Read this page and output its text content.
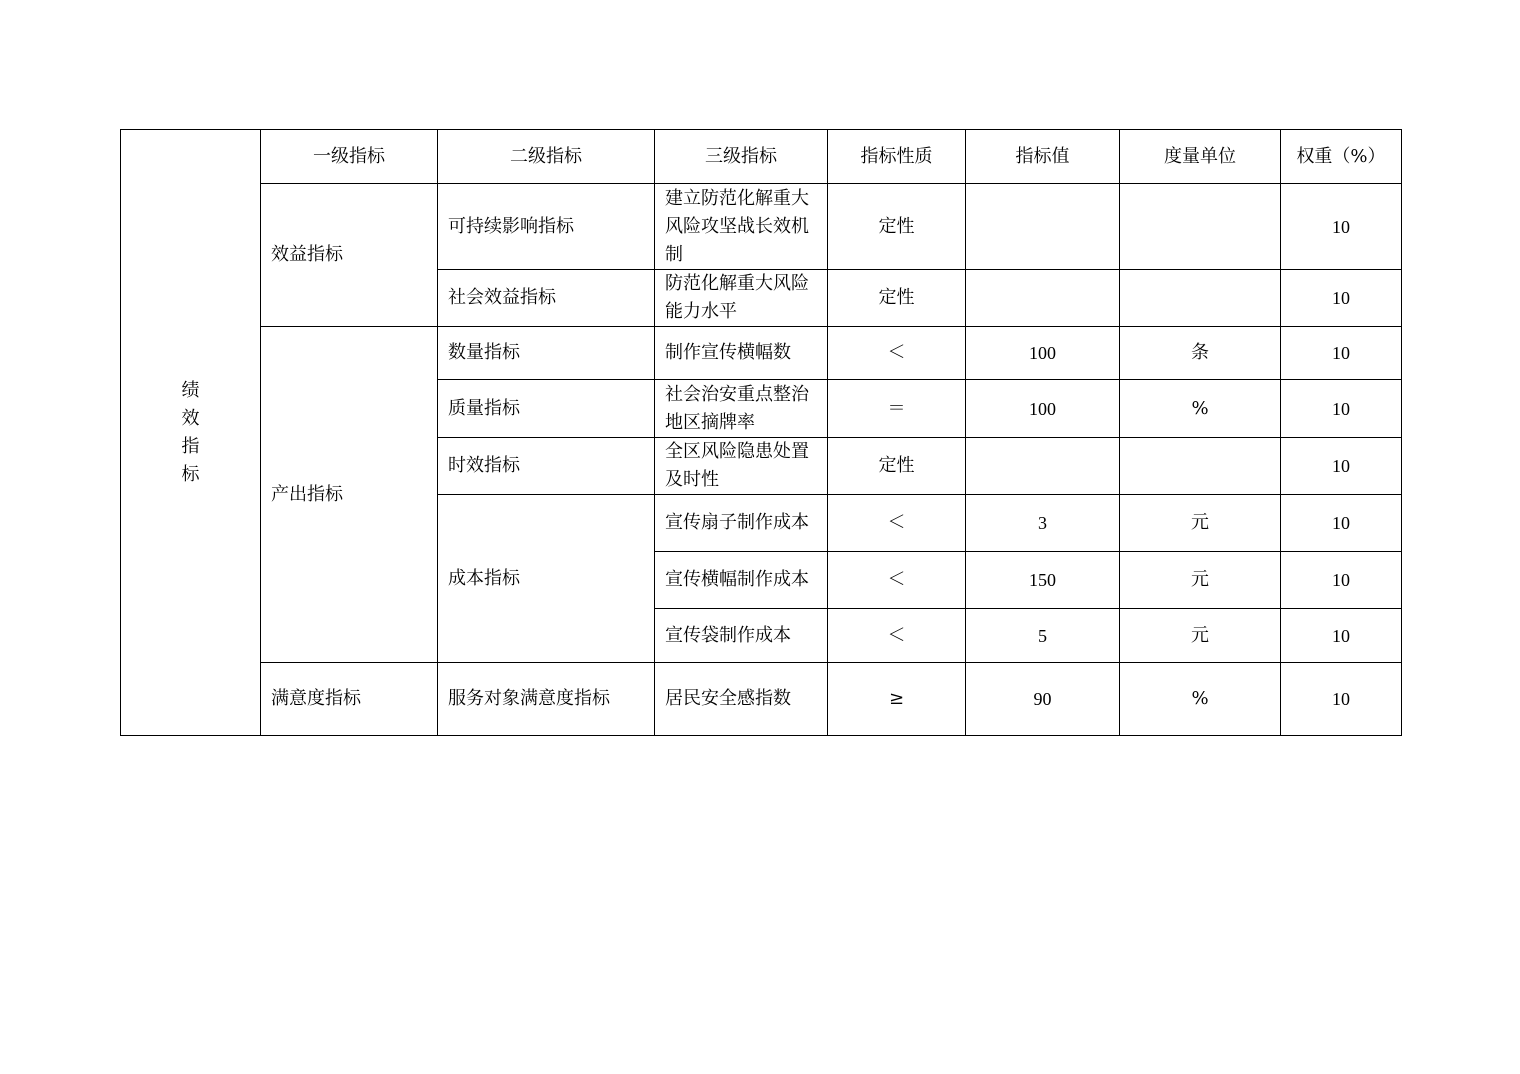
绩
效
指
标	一级指标	二级指标	三级指标	指标性质	指标值	度量单位	权重（%）
	效益指标	可持续影响指标	建立防范化解重大风险攻坚战长效机制	定性			10
		社会效益指标	防范化解重大风险能力水平	定性			10
	产出指标	数量指标	制作宣传横幅数	＜	100	条	10
		质量指标	社会治安重点整治地区摘牌率	＝	100	%	10
		时效指标	全区风险隐患处置及时性	定性			10
		成本指标	宣传扇子制作成本	＜	3	元	10
			宣传横幅制作成本	＜	150	元	10
			宣传袋制作成本	＜	5	元	10
	满意度指标	服务对象满意度指标	居民安全感指数	≥	90	%	10
